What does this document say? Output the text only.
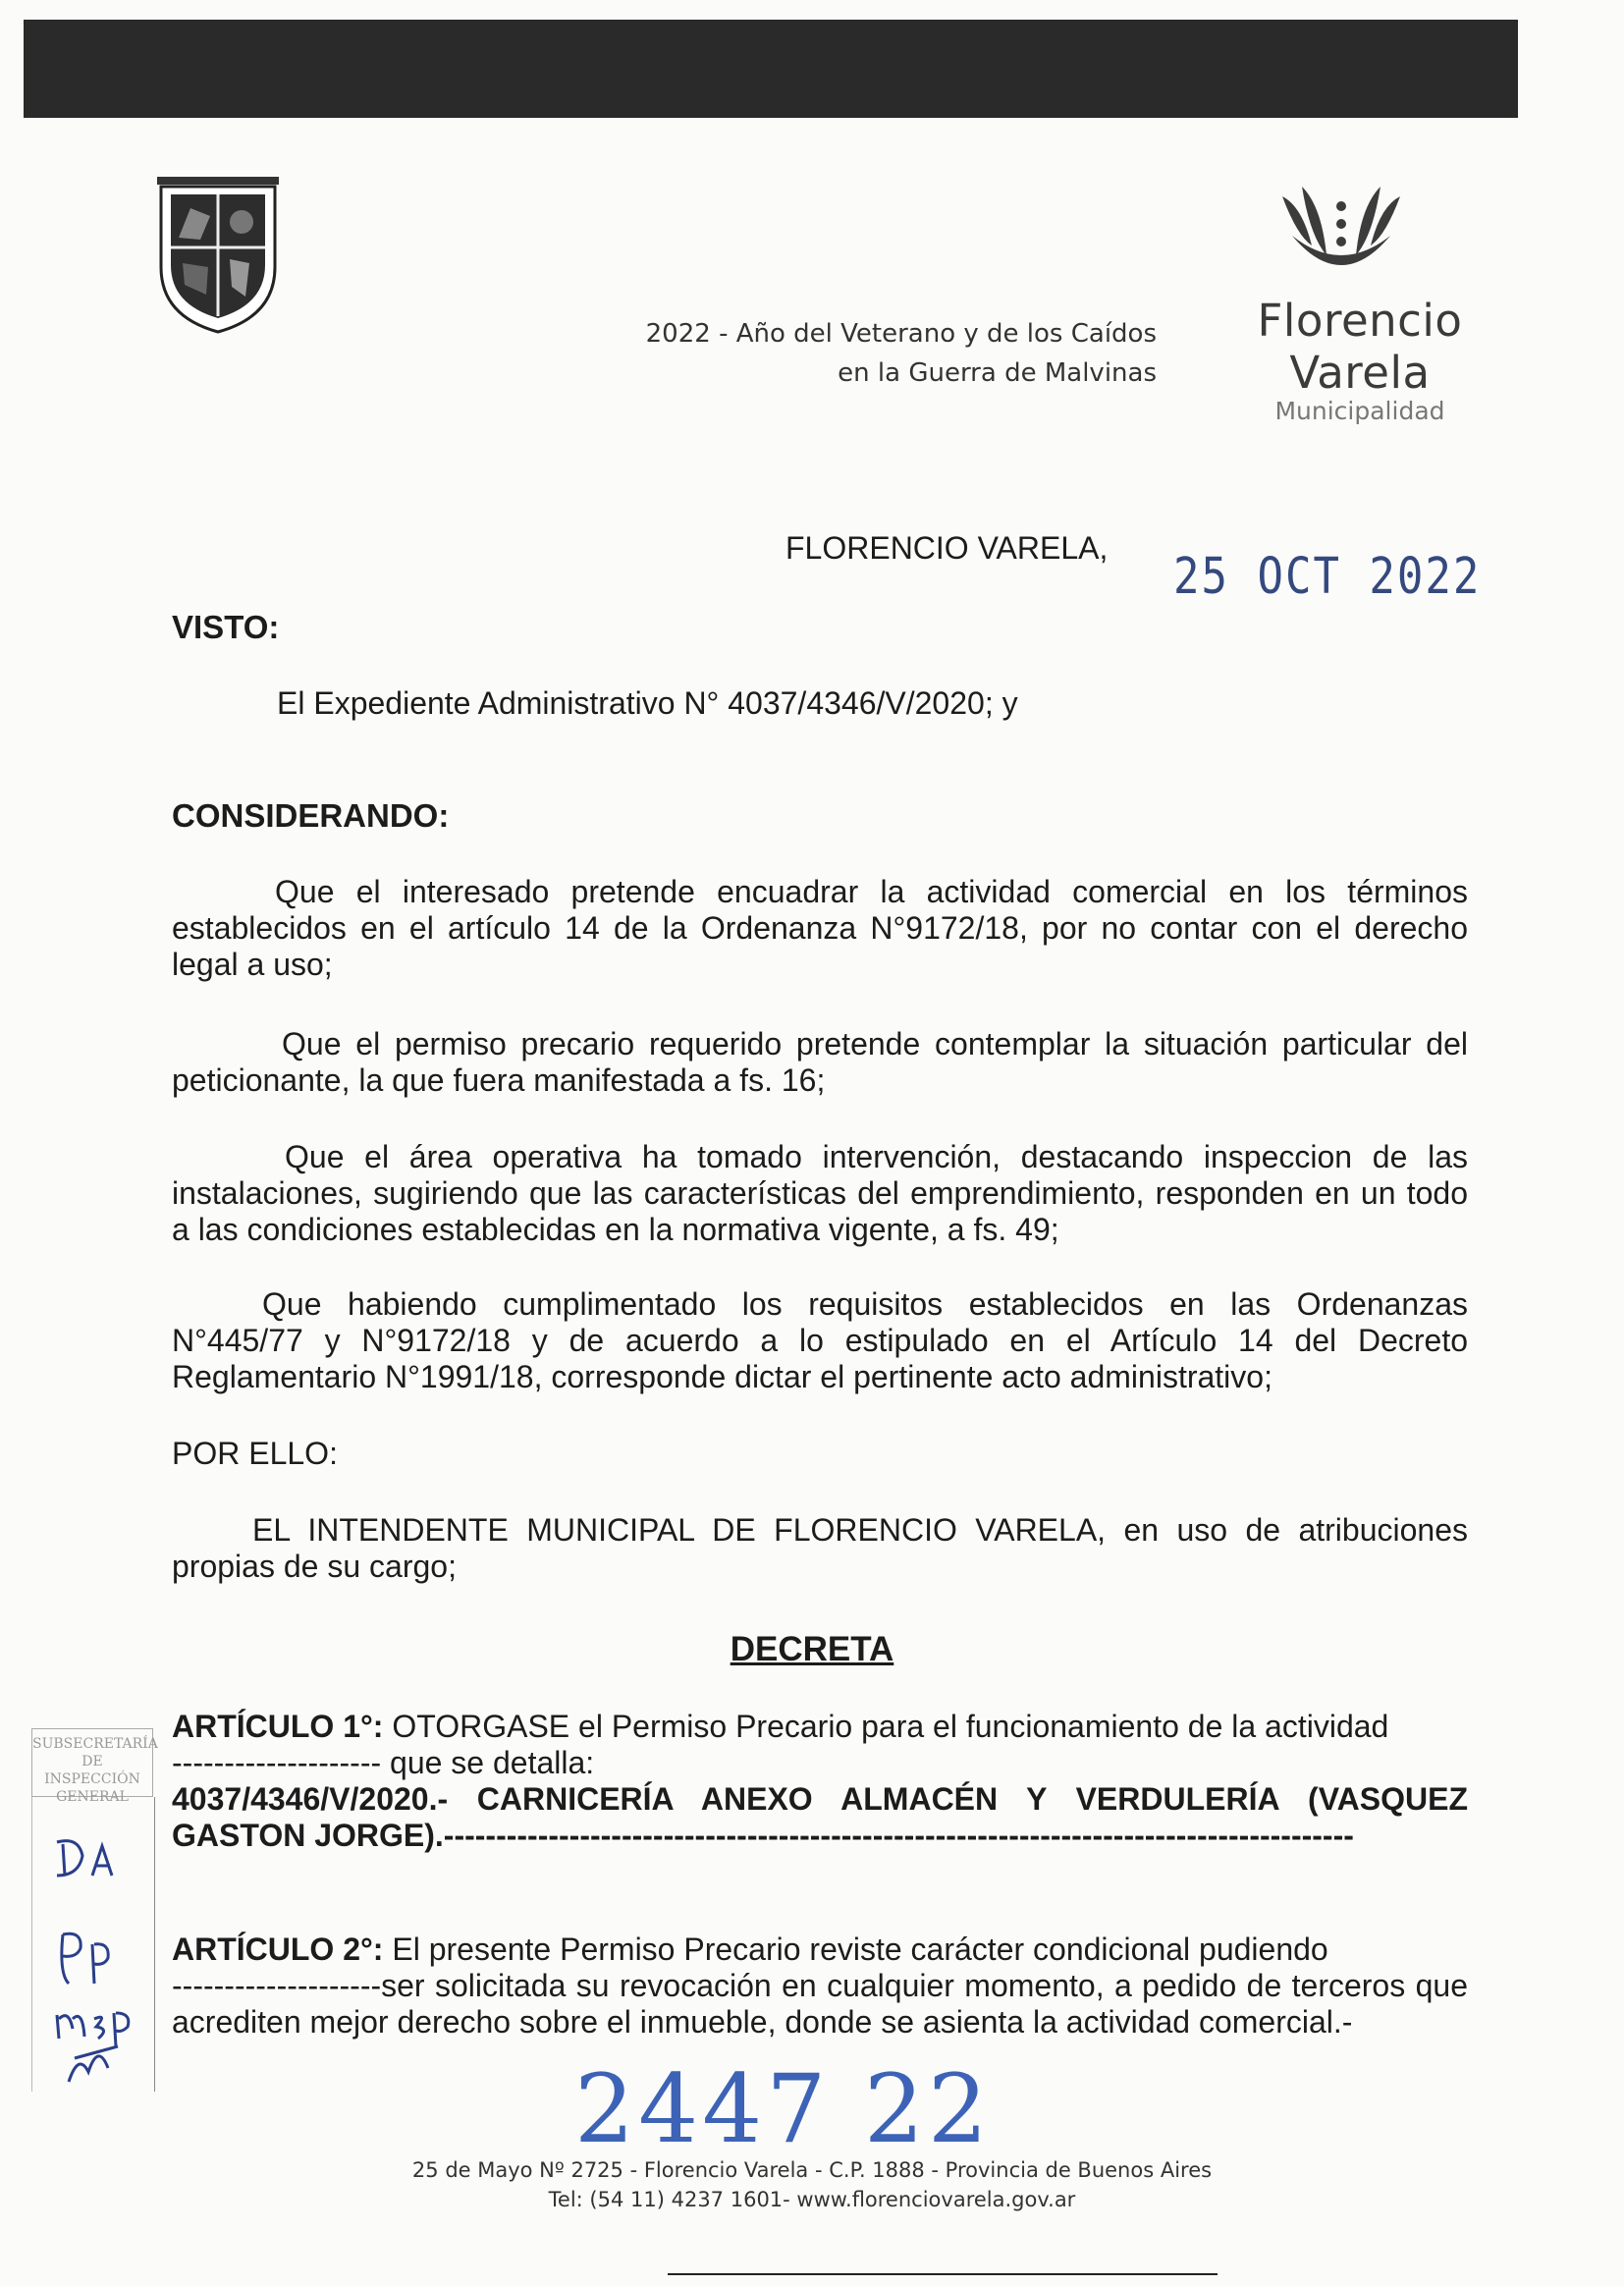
2022 - Año del Veterano y de los Caídos
en la Guerra de Malvinas
Florencio Varela
Municipalidad
FLORENCIO VARELA, 25 OCT 2022
VISTO:
El Expediente Administrativo N° 4037/4346/V/2020; y
CONSIDERANDO:
Que el interesado pretende encuadrar la actividad comercial en los términos establecidos en el artículo 14 de la Ordenanza N°9172/18, por no contar con el derecho legal a uso;
Que el permiso precario requerido pretende contemplar la situación particular del peticionante, la que fuera manifestada a fs. 16;
Que el área operativa ha tomado intervención, destacando inspeccion de las instalaciones, sugiriendo que las características del emprendimiento, responden en un todo a las condiciones establecidas en la normativa vigente, a fs. 49;
Que habiendo cumplimentado los requisitos establecidos en las Ordenanzas N°445/77 y N°9172/18 y de acuerdo a lo estipulado en el Artículo 14 del Decreto Reglamentario N°1991/18, corresponde dictar el pertinente acto administrativo;
POR ELLO:
EL INTENDENTE MUNICIPAL DE FLORENCIO VARELA, en uso de atribuciones propias de su cargo;
DECRETA
ARTÍCULO 1°: OTORGASE el Permiso Precario para el funcionamiento de la actividad
-------------------- que se detalla:
4037/4346/V/2020.- CARNICERÍA ANEXO ALMACÉN Y VERDULERÍA (VASQUEZ GASTON JORGE).---------------------------------------------------------------------------------------
ARTÍCULO 2°: El presente Permiso Precario reviste carácter condicional pudiendo
--------------------ser solicitada su revocación en cualquier momento, a pedido de terceros que acrediten mejor derecho sobre el inmueble, donde se asienta la actividad comercial.-
SUBSECRETARÍA
DE INSPECCIÓN
GENERAL
2447 22
25 de Mayo Nº 2725 - Florencio Varela - C.P. 1888 - Provincia de Buenos Aires
Tel: (54 11) 4237 1601- www.florenciovarela.gov.ar
